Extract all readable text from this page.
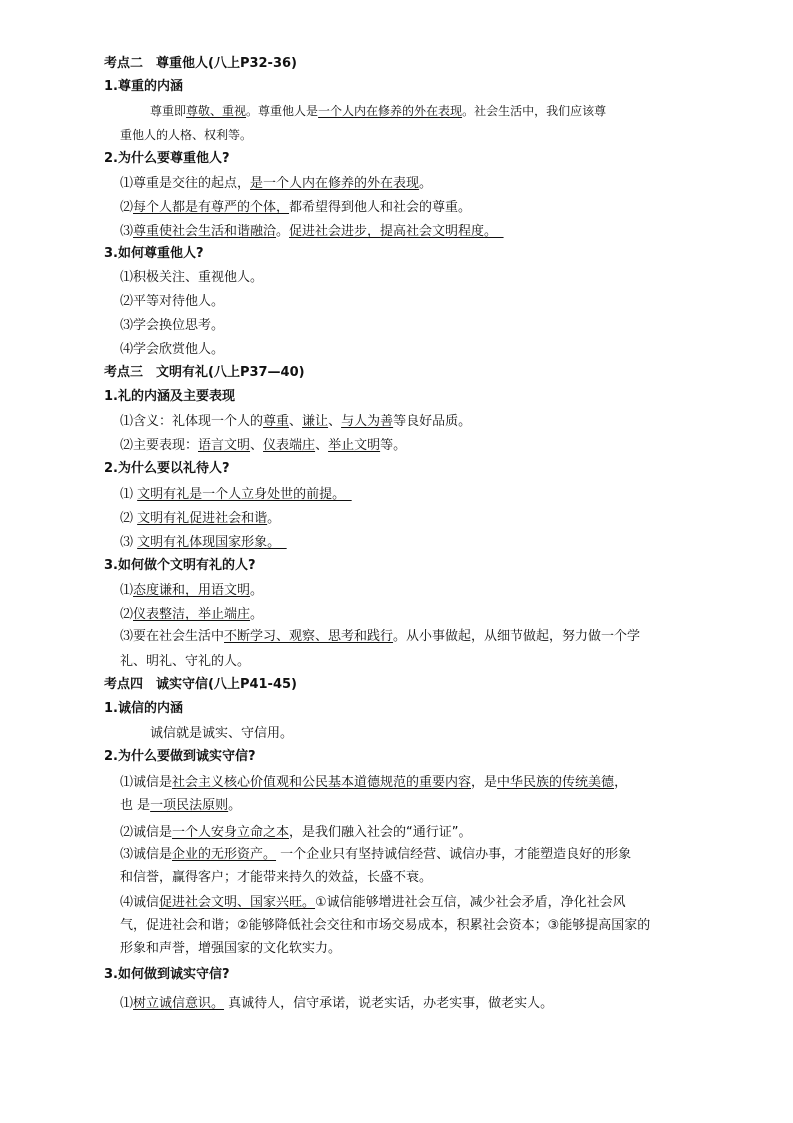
考点二　尊重他人(八上P32-36)
1.尊重的内涵
尊重即尊敬、重视。尊重他人是一个人内在修养的外在表现。社会生活中，我们应该尊
重他人的人格、权利等。
2.为什么要尊重他人?
⑴尊重是交往的起点，是一个人内在修养的外在表现。
⑵每个人都是有尊严的个体，都希望得到他人和社会的尊重。
⑶尊重使社会生活和谐融洽。促进社会进步，提高社会文明程度。　
3.如何尊重他人?
⑴积极关注、重视他人。
⑵平等对待他人。
⑶学会换位思考。
⑷学会欣赏他人。
考点三　文明有礼(八上P37—40)
1.礼的内涵及主要表现
⑴含义：礼体现一个人的尊重、谦让、与人为善等良好品质。
⑵主要表现：语言文明、仪表端庄、举止文明等。
2.为什么要以礼待人?
⑴ 文明有礼是一个人立身处世的前提。　
⑵ 文明有礼促进社会和谐。
⑶ 文明有礼体现国家形象。　
3.如何做个文明有礼的人?
⑴态度谦和，用语文明。
⑵仪表整洁，举止端庄。
⑶要在社会生活中不断学习、观察、思考和践行。从小事做起，从细节做起，努力做一个学
礼、明礼、守礼的人。
考点四　诚实守信(八上P41-45)
1.诚信的内涵
诚信就是诚实、守信用。
2.为什么要做到诚实守信?
⑴诚信是社会主义核心价值观和公民基本道德规范的重要内容，是中华民族的传统美德，
也 是一项民法原则。
⑵诚信是一个人安身立命之本，是我们融入社会的“通行证”。
⑶诚信是企业的无形资产。 一个企业只有坚持诚信经营、诚信办事，才能塑造良好的形象
和信誉，赢得客户；才能带来持久的效益，长盛不衰。
⑷诚信促进社会文明、国家兴旺。①诚信能够增进社会互信，减少社会矛盾，净化社会风
气，促进社会和谐；②能够降低社会交往和市场交易成本，积累社会资本；③能够提高国家的
形象和声誉，增强国家的文化软实力。
3.如何做到诚实守信?
⑴树立诚信意识。 真诚待人，信守承诺，说老实话，办老实事，做老实人。
